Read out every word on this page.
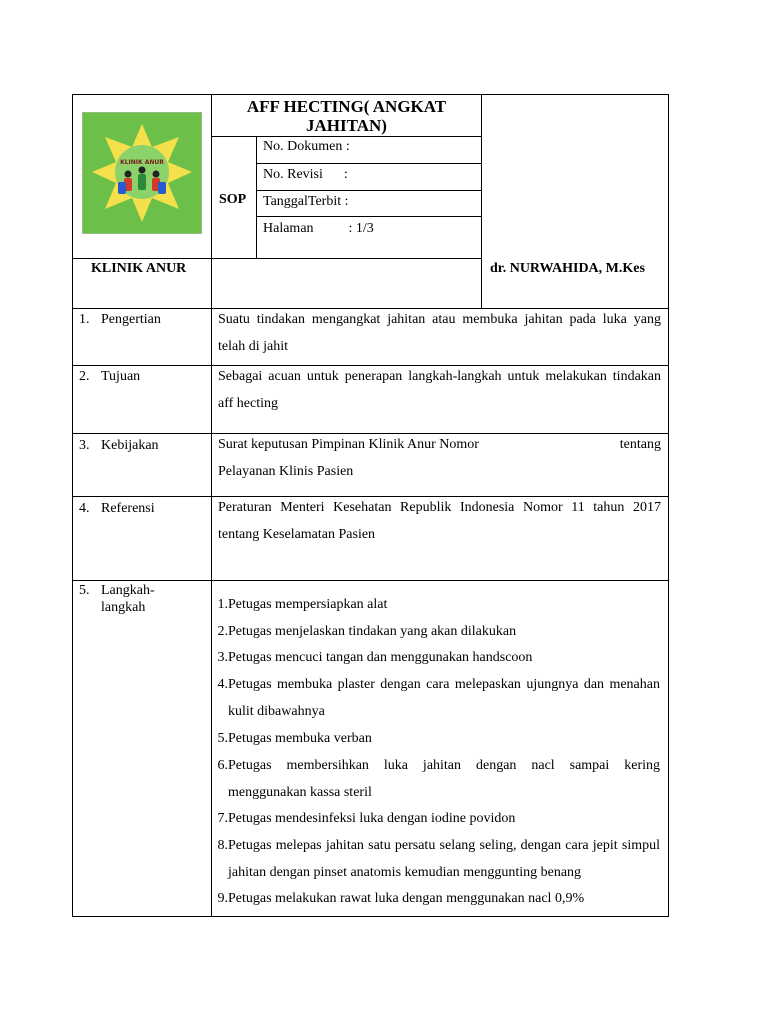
KLINIK ANUR
AFF HECTING( ANGKAT
JAHITAN)
SOP
No. Dokumen :
No. Revisi      :
TanggalTerbit :
Halaman          : 1/3
KLINIK ANUR	dr. NURWAHIDA, M.Kes
1. Pengertian
2. Tujuan
3. Kebijakan
4. Referensi
5. Langkah-
langkah
Suatu tindakan mengangkat jahitan atau membuka jahitan pada luka yang telah di jahit
Sebagai acuan untuk penerapan langkah-langkah untuk melakukan tindakan aff hecting
Surat keputusan Pimpinan Klinik Anur Nomor	tentang
Pelayanan Klinis Pasien
Peraturan Menteri Kesehatan Republik Indonesia Nomor 11 tahun 2017 tentang Keselamatan Pasien
1. Petugas mempersiapkan alat
2. Petugas menjelaskan tindakan yang akan dilakukan
3. Petugas mencuci tangan dan menggunakan handscoon
4. Petugas membuka plaster dengan cara melepaskan ujungnya dan menahan kulit dibawahnya
5. Petugas membuka verban
6. Petugas membersihkan luka jahitan dengan nacl sampai kering menggunakan kassa steril
7. Petugas mendesinfeksi luka dengan iodine povidon
8. Petugas melepas jahitan satu persatu selang seling, dengan cara jepit simpul jahitan dengan pinset anatomis kemudian menggunting benang
9. Petugas melakukan rawat luka dengan menggunakan nacl 0,9%
